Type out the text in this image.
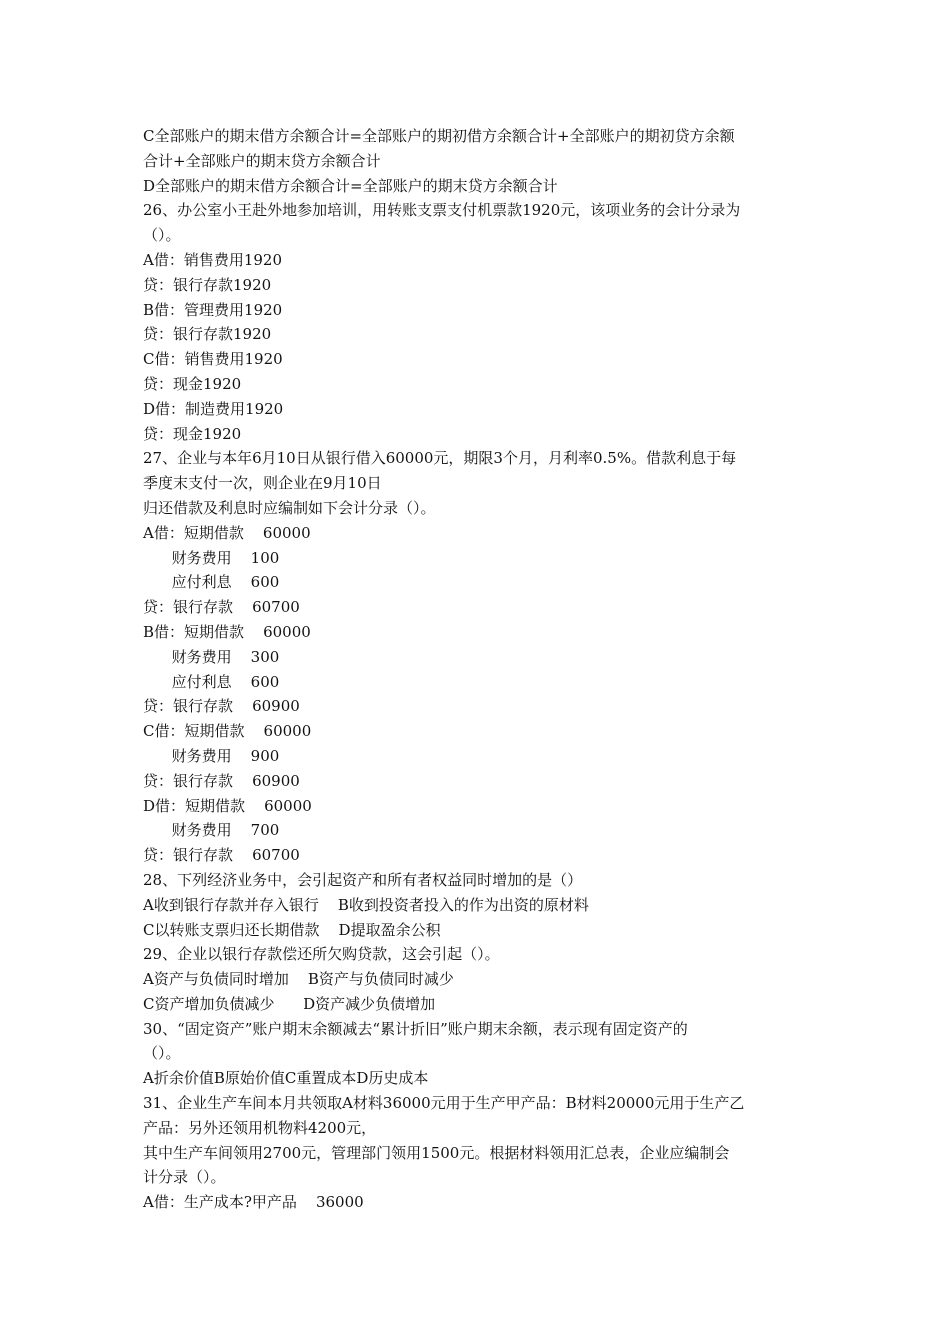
C全部账户的期末借方余额合计=全部账户的期初借方余额合计+全部账户的期初贷方余额
合计+全部账户的期末贷方余额合计
D全部账户的期末借方余额合计=全部账户的期末贷方余额合计
26、办公室小王赴外地参加培训，用转账支票支付机票款1920元，该项业务的会计分录为
（）。
A借：销售费用1920
贷：银行存款1920
B借：管理费用1920
贷：银行存款1920
C借：销售费用1920
贷：现金1920
D借：制造费用1920
贷：现金1920
27、企业与本年6月10日从银行借入60000元，期限3个月，月利率0.5%。借款利息于每
季度末支付一次，则企业在9月10日
归还借款及利息时应编制如下会计分录（）。
A借：短期借款    60000
财务费用    100
应付利息    600
贷：银行存款    60700
B借：短期借款    60000
财务费用    300
应付利息    600
贷：银行存款    60900
C借：短期借款    60000
财务费用    900
贷：银行存款    60900
D借：短期借款    60000
财务费用    700
贷：银行存款    60700
28、下列经济业务中，会引起资产和所有者权益同时增加的是（）
A收到银行存款并存入银行    B收到投资者投入的作为出资的原材料
C以转账支票归还长期借款    D提取盈余公积
29、企业以银行存款偿还所欠购贷款，这会引起（）。
A资产与负债同时增加    B资产与负债同时减少
C资产增加负债减少      D资产减少负债增加
30、“固定资产”账户期末余额减去“累计折旧”账户期末余额，表示现有固定资产的
（）。
A折余价值B原始价值C重置成本D历史成本
31、企业生产车间本月共领取A材料36000元用于生产甲产品：B材料20000元用于生产乙
产品：另外还领用机物料4200元，
其中生产车间领用2700元，管理部门领用1500元。根据材料领用汇总表，企业应编制会
计分录（）。
A借：生产成本?甲产品    36000
